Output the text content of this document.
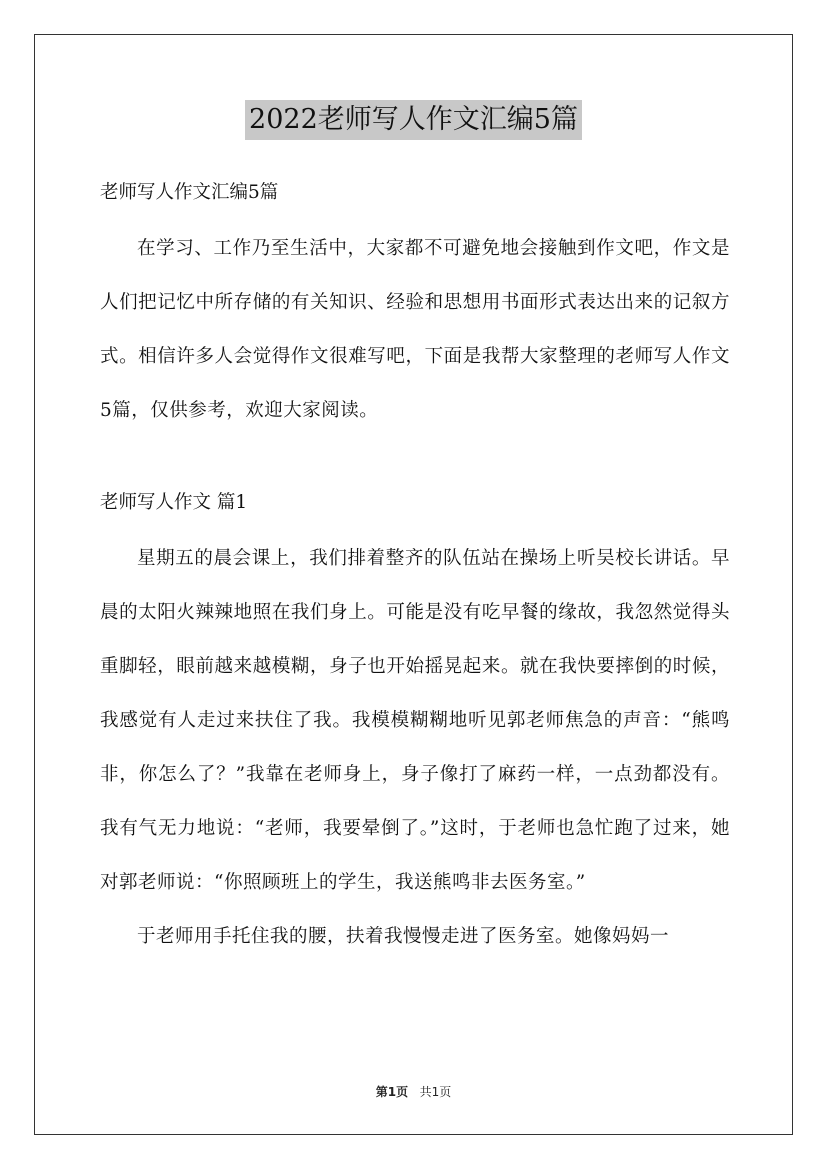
2022老师写人作文汇编5篇

老师写人作文汇编5篇

在学习、工作乃至生活中，大家都不可避免地会接触到作文吧，作文是人们把记忆中所存储的有关知识、经验和思想用书面形式表达出来的记叙方式。相信许多人会觉得作文很难写吧，下面是我帮大家整理的老师写人作文5篇，仅供参考，欢迎大家阅读。

老师写人作文 篇1

星期五的晨会课上，我们排着整齐的队伍站在操场上听吴校长讲话。早晨的太阳火辣辣地照在我们身上。可能是没有吃早餐的缘故，我忽然觉得头重脚轻，眼前越来越模糊，身子也开始摇晃起来。就在我快要摔倒的时候，我感觉有人走过来扶住了我。我模模糊糊地听见郭老师焦急的声音：“熊鸣非，你怎么了？”我靠在老师身上，身子像打了麻药一样，一点劲都没有。我有气无力地说：“老师，我要晕倒了。”这时，于老师也急忙跑了过来，她对郭老师说：“你照顾班上的学生，我送熊鸣非去医务室。”

于老师用手托住我的腰，扶着我慢慢走进了医务室。她像妈妈一

第1页 共1页
